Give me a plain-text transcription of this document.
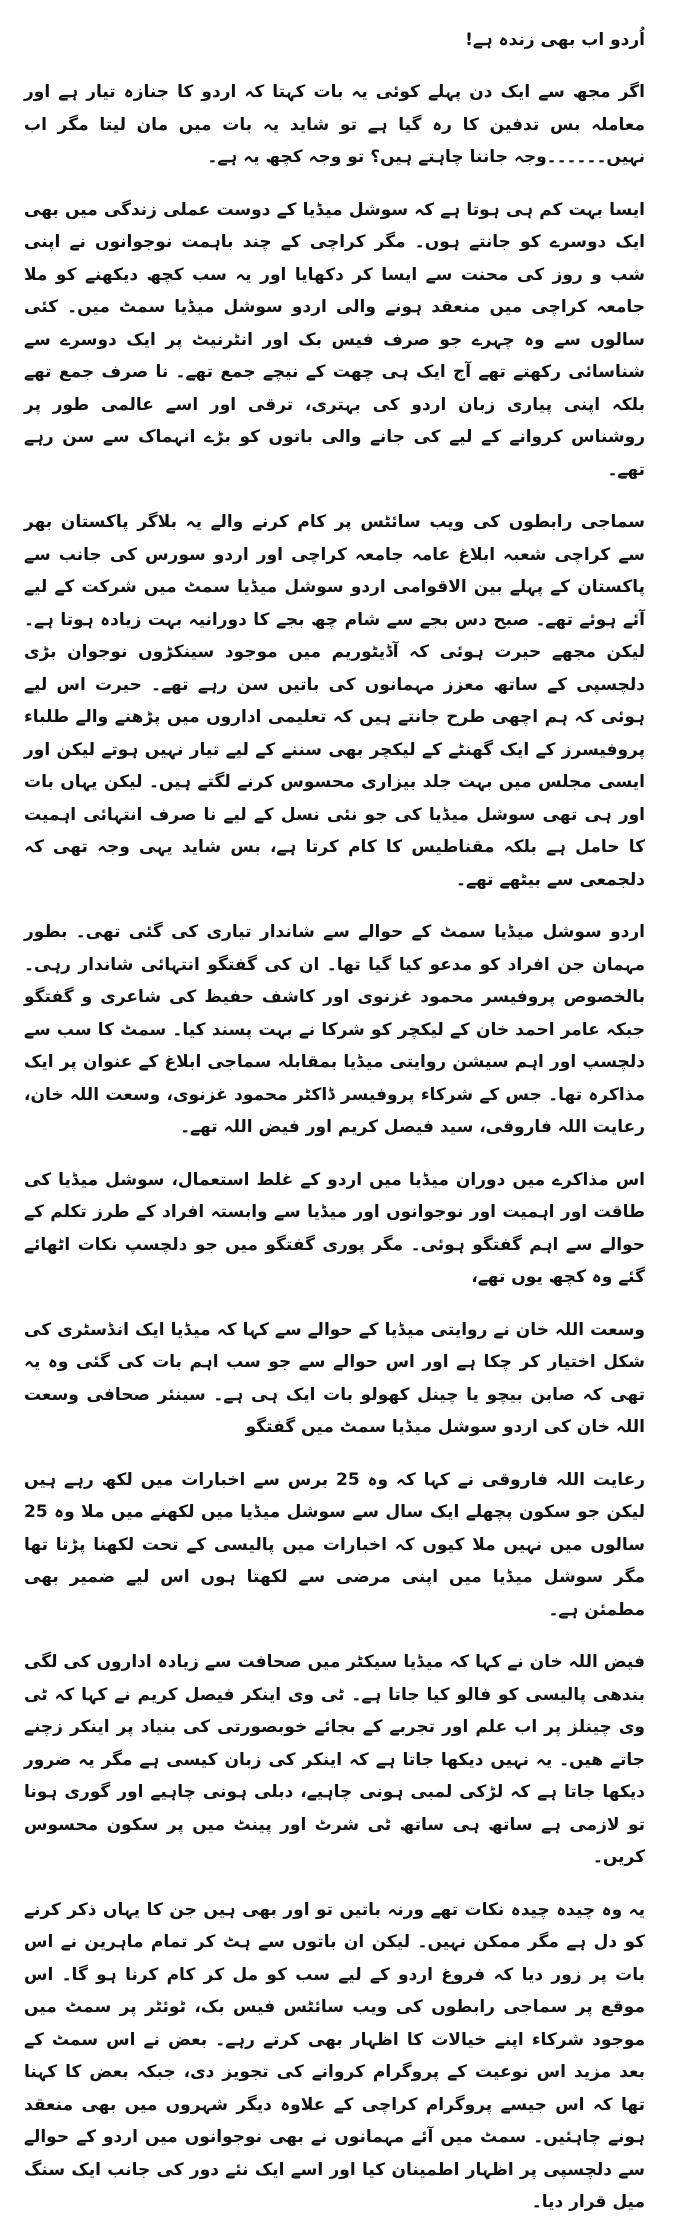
اُردو اب بھی زندہ ہے!

اگر مجھ سے ایک دن پہلے کوئی یہ بات کہتا کہ اردو کا جنازہ تیار ہے اور معاملہ بس تدفین کا رہ گیا ہے تو شاید یہ بات میں مان لیتا مگر اب نہیں۔۔۔۔۔۔وجہ جاننا چاہتے ہیں؟ تو وجہ کچھ یہ ہے۔

ایسا بہت کم ہی ہوتا ہے کہ سوشل میڈیا کے دوست عملی زندگی میں بھی ایک دوسرے کو جانتے ہوں۔ مگر کراچی کے چند باہمت نوجوانوں نے اپنی شب و روز کی محنت سے ایسا کر دکھایا اور یہ سب کچھ دیکھنے کو ملا جامعہ کراچی میں منعقد ہونے والی اردو سوشل میڈیا سمٹ میں۔ کئی سالوں سے وہ چہرے جو صرف فیس بک اور انٹرنیٹ پر ایک دوسرے سے شناسائی رکھتے تھے آج ایک ہی چھت کے نیچے جمع تھے۔ نا صرف جمع تھے بلکہ اپنی پیاری زبان اردو کی بہتری، ترقی اور اسے عالمی طور پر روشناس کروانے کے لیے کی جانے والی باتوں کو بڑے انہماک سے سن رہے تھے۔

سماجی رابطوں کی ویب سائٹس پر کام کرنے والے یہ بلاگر پاکستان بھر سے کراچی شعبہ ابلاغ عامہ جامعہ کراچی اور اردو سورس کی جانب سے پاکستان کے پہلے بین الاقوامی اردو سوشل میڈیا سمٹ میں شرکت کے لیے آئے ہوئے تھے۔ صبح دس بجے سے شام چھ بجے کا دورانیہ بہت زیادہ ہوتا ہے۔ لیکن مجھے حیرت ہوئی کہ آڈیٹوریم میں موجود سینکڑوں نوجوان بڑی دلچسپی کے ساتھ معزز مہمانوں کی باتیں سن رہے تھے۔ حیرت اس لیے ہوئی کہ ہم اچھی طرح جانتے ہیں کہ تعلیمی اداروں میں پڑھنے والے طلباء پروفیسرز کے ایک گھنٹے کے لیکچر بھی سننے کے لیے تیار نہیں ہوتے لیکن اور ایسی مجلس میں بہت جلد بیزاری محسوس کرنے لگتے ہیں۔ لیکن یہاں بات اور ہی تھی سوشل میڈیا کی جو نئی نسل کے لیے نا صرف انتہائی اہمیت کا حامل ہے بلکہ مقناطیس کا کام کرتا ہے، بس شاید یہی وجہ تھی کہ دلجمعی سے بیٹھے تھے۔

اردو سوشل میڈیا سمٹ کے حوالے سے شاندار تیاری کی گئی تھی۔ بطور مہمان جن افراد کو مدعو کیا گیا تھا۔ ان کی گفتگو انتہائی شاندار رہی۔ بالخصوص پروفیسر محمود غزنوی اور کاشف حفیظ کی شاعری و گفتگو جبکہ عامر احمد خان کے لیکچر کو شرکا نے بہت پسند کیا۔ سمٹ کا سب سے دلچسپ اور اہم سیشن روایتی میڈیا بمقابلہ سماجی ابلاغ کے عنوان پر ایک مذاکرہ تھا۔ جس کے شرکاء پروفیسر ڈاکٹر محمود غزنوی، وسعت اللہ خان، رعایت اللہ فاروقی، سید فیصل کریم اور فیض اللہ تھے۔

اس مذاکرے میں دوران میڈیا میں اردو کے غلط استعمال، سوشل میڈیا کی طاقت اور اہمیت اور نوجوانوں اور میڈیا سے وابستہ افراد کے طرز تکلم کے حوالے سے اہم گفتگو ہوئی۔ مگر پوری گفتگو میں جو دلچسپ نکات اٹھائے گئے وہ کچھ یوں تھے،

وسعت اللہ خان نے روایتی میڈیا کے حوالے سے کہا کہ میڈیا ایک انڈسٹری کی شکل اختیار کر چکا ہے اور اس حوالے سے جو سب اہم بات کی گئی وہ یہ تھی کہ صابن بیچو یا چینل کھولو بات ایک ہی ہے۔ سینئر صحافی وسعت اللہ خان کی اردو سوشل میڈیا سمٹ میں گفتگو

رعایت اللہ فاروقی نے کہا کہ وہ 25 برس سے اخبارات میں لکھ رہے ہیں لیکن جو سکون پچھلے ایک سال سے سوشل میڈیا میں لکھنے میں ملا وہ 25 سالوں میں نہیں ملا کیوں کہ اخبارات میں پالیسی کے تحت لکھنا پڑتا تھا مگر سوشل میڈیا میں اپنی مرضی سے لکھتا ہوں اس لیے ضمیر بھی مطمئن ہے۔

فیض اللہ خان نے کہا کہ میڈیا سیکٹر میں صحافت سے زیادہ اداروں کی لگی بندھی پالیسی کو فالو کیا جاتا ہے۔ ٹی وی اینکر فیصل کریم نے کہا کہ ٹی وی چینلز پر اب علم اور تجربے کے بجائے خوبصورتی کی بنیاد پر اینکر زچنے جاتے ھیں۔ یہ نہیں دیکھا جاتا ہے کہ اینکر کی زبان کیسی ہے مگر یہ ضرور دیکھا جاتا ہے کہ لڑکی لمبی ہونی چاہیے، دبلی ہونی چاہیے اور گوری ہونا تو لازمی ہے ساتھ ہی ساتھ ٹی شرٹ اور پینٹ میں پر سکون محسوس کریں۔

یہ وہ چیدہ چیدہ نکات تھے ورنہ باتیں تو اور بھی ہیں جن کا یہاں ذکر کرنے کو دل ہے مگر ممکن نہیں۔ لیکن ان باتوں سے ہٹ کر تمام ماہرین نے اس بات پر زور دیا کہ فروغ اردو کے لیے سب کو مل کر کام کرنا ہو گا۔ اس موقع پر سماجی رابطوں کی ویب سائٹس فیس بک، ٹوئٹر پر سمٹ میں موجود شرکاء اپنے خیالات کا اظہار بھی کرتے رہے۔ بعض نے اس سمٹ کے بعد مزید اس نوعیت کے پروگرام کروانے کی تجویز دی، جبکہ بعض کا کہنا تھا کہ اس جیسے پروگرام کراچی کے علاوہ دیگر شہروں میں بھی منعقد ہونے چاہئیں۔ سمٹ میں آئے مہمانوں نے بھی نوجوانوں میں اردو کے حوالے سے دلچسپی پر اظہار اطمینان کیا اور اسے ایک نئے دور کی جانب ایک سنگ میل قرار دیا۔
